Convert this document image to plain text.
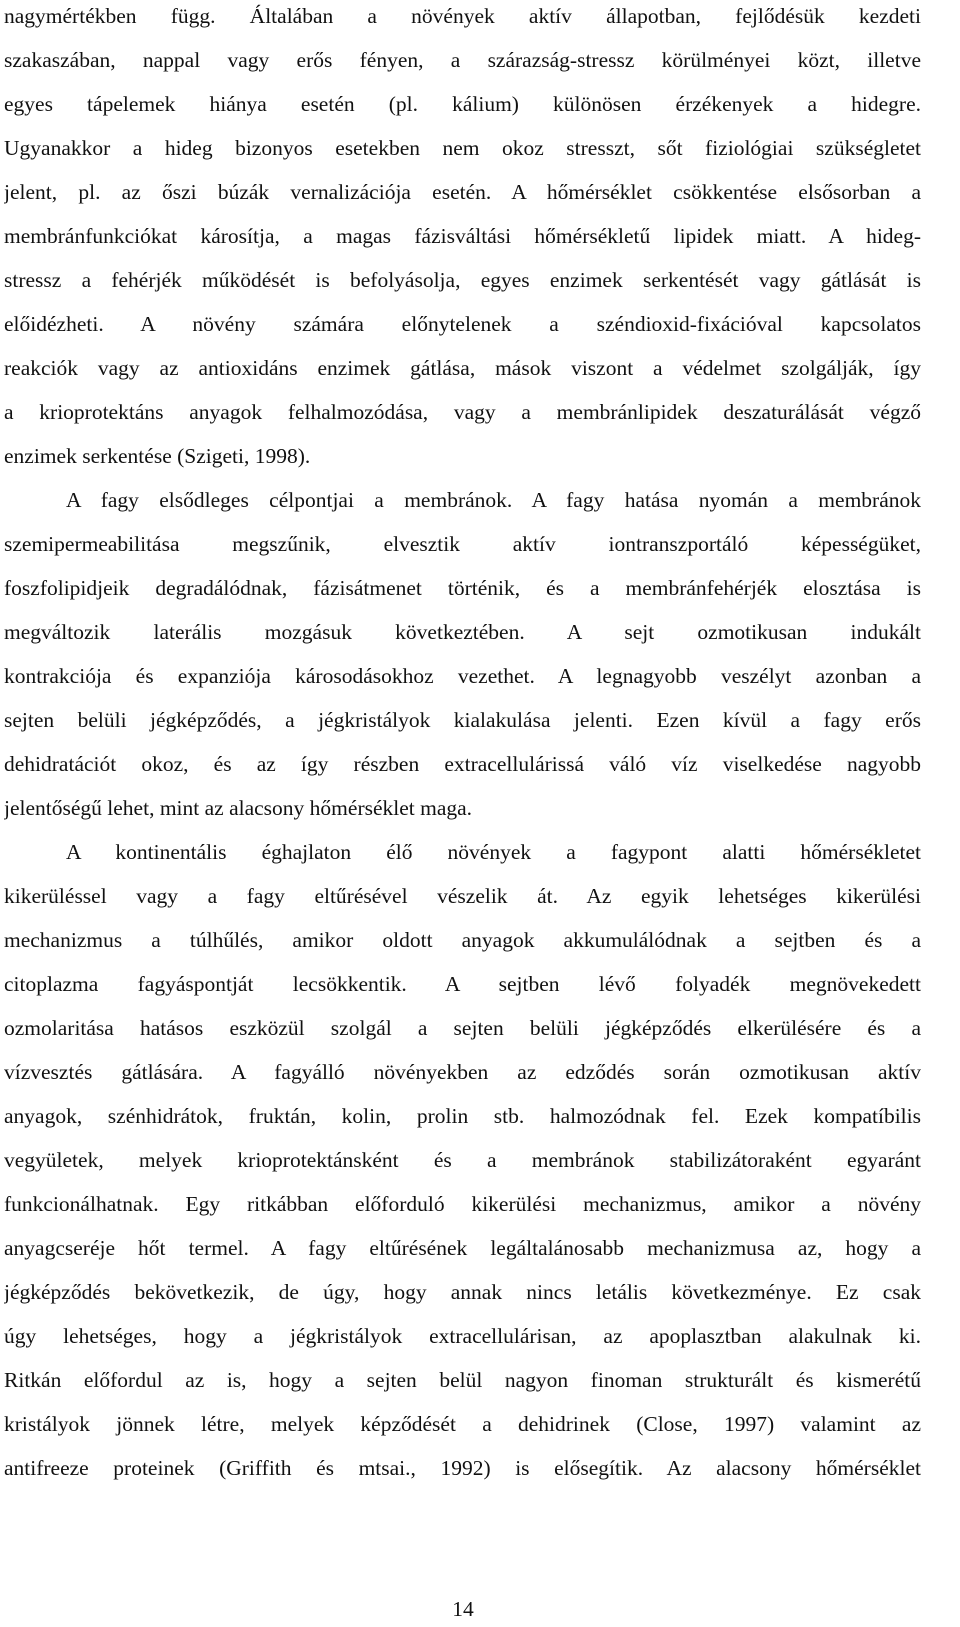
nagymértékben függ. Általában a növények aktív állapotban, fejlődésük kezdeti
szakaszában, nappal vagy erős fényen, a szárazság-stressz körülményei közt, illetve
egyes tápelemek hiánya esetén (pl. kálium) különösen érzékenyek a hidegre.
Ugyanakkor a hideg bizonyos esetekben nem okoz stresszt, sőt fiziológiai szükségletet
jelent, pl. az őszi búzák vernalizációja esetén. A hőmérséklet csökkentése elsősorban a
membránfunkciókat károsítja, a magas fázisváltási hőmérsékletű lipidek miatt. A hideg-
stressz a fehérjék működését is befolyásolja, egyes enzimek serkentését vagy gátlását is
előidézheti. A növény számára előnytelenek a széndioxid-fixációval kapcsolatos
reakciók vagy az antioxidáns enzimek gátlása, mások viszont a védelmet szolgálják, így
a krioprotektáns anyagok felhalmozódása, vagy a membránlipidek deszaturálását végző
enzimek serkentése (Szigeti, 1998).
A fagy elsődleges célpontjai a membránok. A fagy hatása nyomán a membránok
szemipermeabilitása megszűnik, elvesztik aktív iontranszportáló képességüket,
foszfolipidjeik degradálódnak, fázisátmenet történik, és a membránfehérjék elosztása is
megváltozik laterális mozgásuk következtében. A sejt ozmotikusan indukált
kontrakciója és expanziója károsodásokhoz vezethet. A legnagyobb veszélyt azonban a
sejten belüli jégképződés, a jégkristályok kialakulása jelenti. Ezen kívül a fagy erős
dehidratációt okoz, és az így részben extracellulárissá váló víz viselkedése nagyobb
jelentőségű lehet, mint az alacsony hőmérséklet maga.
A kontinentális éghajlaton élő növények a fagypont alatti hőmérsékletet
kikerüléssel vagy a fagy eltűrésével vészelik át. Az egyik lehetséges kikerülési
mechanizmus a túlhűlés, amikor oldott anyagok akkumulálódnak a sejtben és a
citoplazma fagyáspontját lecsökkentik. A sejtben lévő folyadék megnövekedett
ozmolaritása hatásos eszközül szolgál a sejten belüli jégképződés elkerülésére és a
vízvesztés gátlására. A fagyálló növényekben az edződés során ozmotikusan aktív
anyagok, szénhidrátok, fruktán, kolin, prolin stb. halmozódnak fel. Ezek kompatíbilis
vegyületek, melyek krioprotektánsként és a membránok stabilizátoraként egyaránt
funkcionálhatnak. Egy ritkábban előforduló kikerülési mechanizmus, amikor a növény
anyagcseréje hőt termel. A fagy eltűrésének legáltalánosabb mechanizmusa az, hogy a
jégképződés bekövetkezik, de úgy, hogy annak nincs letális következménye. Ez csak
úgy lehetséges, hogy a jégkristályok extracellulárisan, az apoplasztban alakulnak ki.
Ritkán előfordul az is, hogy a sejten belül nagyon finoman strukturált és kismerétű
kristályok jönnek létre, melyek képződését a dehidrinek (Close, 1997) valamint az
antifreeze proteinek (Griffith és mtsai., 1992) is elősegítik. Az alacsony hőmérséklet
14
